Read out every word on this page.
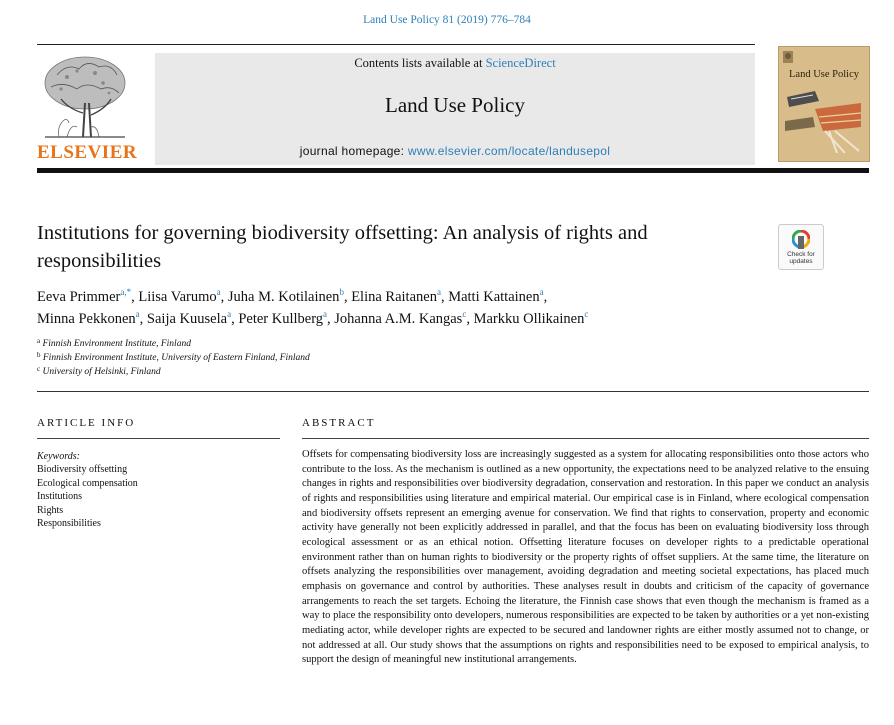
Land Use Policy 81 (2019) 776–784
ELSEVIER
Contents lists available at ScienceDirect
Land Use Policy
journal homepage: www.elsevier.com/locate/landusepol
Land Use Policy
Institutions for governing biodiversity offsetting: An analysis of rights and responsibilities	Check for updates
Eeva Primmer$^{a,*}$, Liisa Varumo$^a$, Juha M. Kotilainen$^b$, Elina Raitanen$^a$, Matti Kattainen$^a$,
Minna Pekkonen$^a$, Saija Kuusela$^a$, Peter Kullberg$^a$, Johanna A.M. Kangas$^c$, Markku Ollikainen$^c$
$^a$ Finnish Environment Institute, Finland
$^b$ Finnish Environment Institute, University of Eastern Finland, Finland
$^c$ University of Helsinki, Finland
ARTICLE INFO
Keywords:
Biodiversity offsetting
Ecological compensation
Institutions
Rights
Responsibilities
ABSTRACT
Offsets for compensating biodiversity loss are increasingly suggested as a system for allocating responsibilities onto those actors who contribute to the loss. As the mechanism is outlined as a new opportunity, the expectations need to be analyzed relative to the ensuing changes in rights and responsibilities over biodiversity degradation, conservation and restoration. In this paper we conduct an analysis of rights and responsibilities using literature and empirical material. Our empirical case is in Finland, where ecological compensation and biodiversity offsets represent an emerging avenue for conservation. We find that rights to conservation, property and economic activity have generally not been explicitly addressed in parallel, and that the focus has been on evaluating biodiversity loss through ecological assessment or as an ethical notion. Offsetting literature focuses on developer rights to a predictable operational environment rather than on human rights to biodiversity or the property rights of offset suppliers. At the same time, the literature on offsets analyzing the responsibilities over management, avoiding degradation and meeting societal expectations, has placed much emphasis on governance and control by authorities. These analyses result in doubts and criticism of the capacity of governance arrangements to reach the set targets. Echoing the literature, the Finnish case shows that even though the mechanism is framed as a way to place the responsibility onto developers, numerous responsibilities are expected to be taken by authorities or a yet non-existing mediating actor, while developer rights are expected to be secured and landowner rights are either mostly assumed not to change, or not addressed at all. Our study shows that the assumptions on rights and responsibilities need to be exposed to empirical analysis, to support the design of meaningful new institutional arrangements.
